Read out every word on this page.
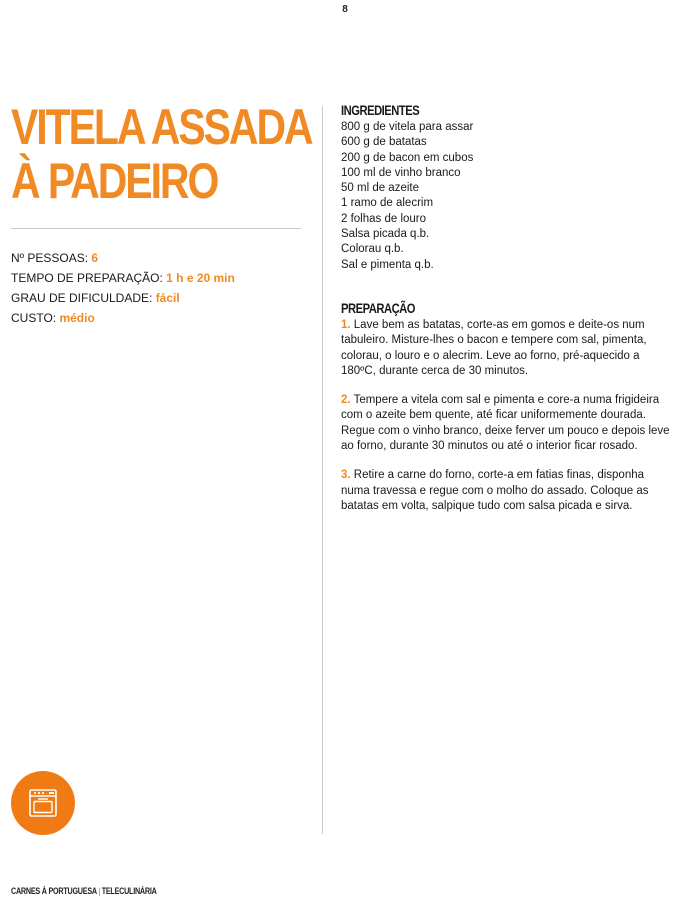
8
VITELA ASSADA
À PADEIRO
Nº PESSOAS: 6
TEMPO DE PREPARAÇÃO: 1 h e 20 min
GRAU DE DIFICULDADE: fácil
CUSTO: médio
INGREDIENTES
800 g de vitela para assar
600 g de batatas
200 g de bacon em cubos
100 ml de vinho branco
50 ml de azeite
1 ramo de alecrim
2 folhas de louro
Salsa picada q.b.
Colorau q.b.
Sal e pimenta q.b.
PREPARAÇÃO

1. Lave bem as batatas, corte-as em gomos e deite-os num tabuleiro. Misture-lhes o bacon e tempere com sal, pimenta, colorau, o louro e o alecrim. Leve ao forno, pré-aquecido a 180ºC, durante cerca de 30 minutos.

2. Tempere a vitela com sal e pimenta e core-a numa frigideira com o azeite bem quente, até ficar uniformemente dourada. Regue com o vinho branco, deixe ferver um pouco e depois leve ao forno, durante 30 minutos ou até o interior ficar rosado.

3. Retire a carne do forno, corte-a em fatias finas, disponha numa travessa e regue com o molho do assado. Coloque as batatas em volta, salpique tudo com salsa picada e sirva.

CARNES À PORTUGUESA | TELECULINÁRIA
